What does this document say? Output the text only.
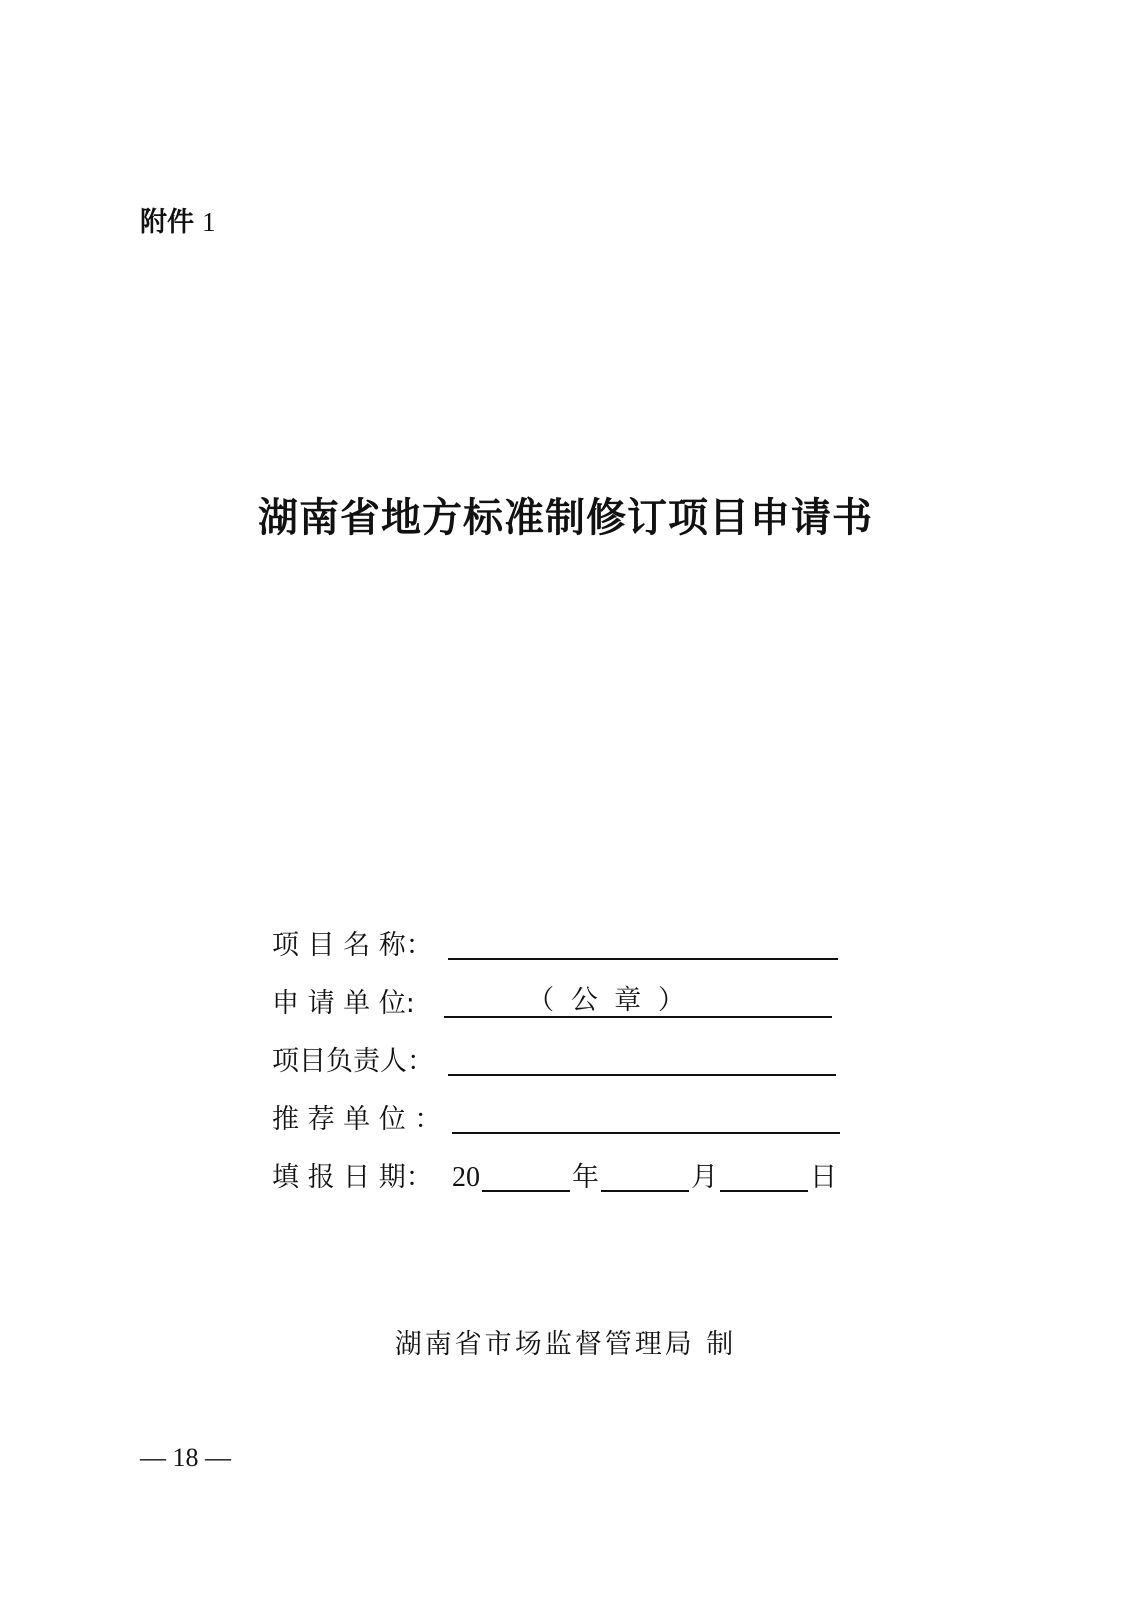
附件 1
湖南省地方标准制修订项目申请书
项 目 名 称：
申 请 单 位:	（ 公 章 ）
项目负责人：
推 荐 单 位 ：
填 报 日 期： 20	年	月	日
湖南省市场监督管理局 制
— 18 —
